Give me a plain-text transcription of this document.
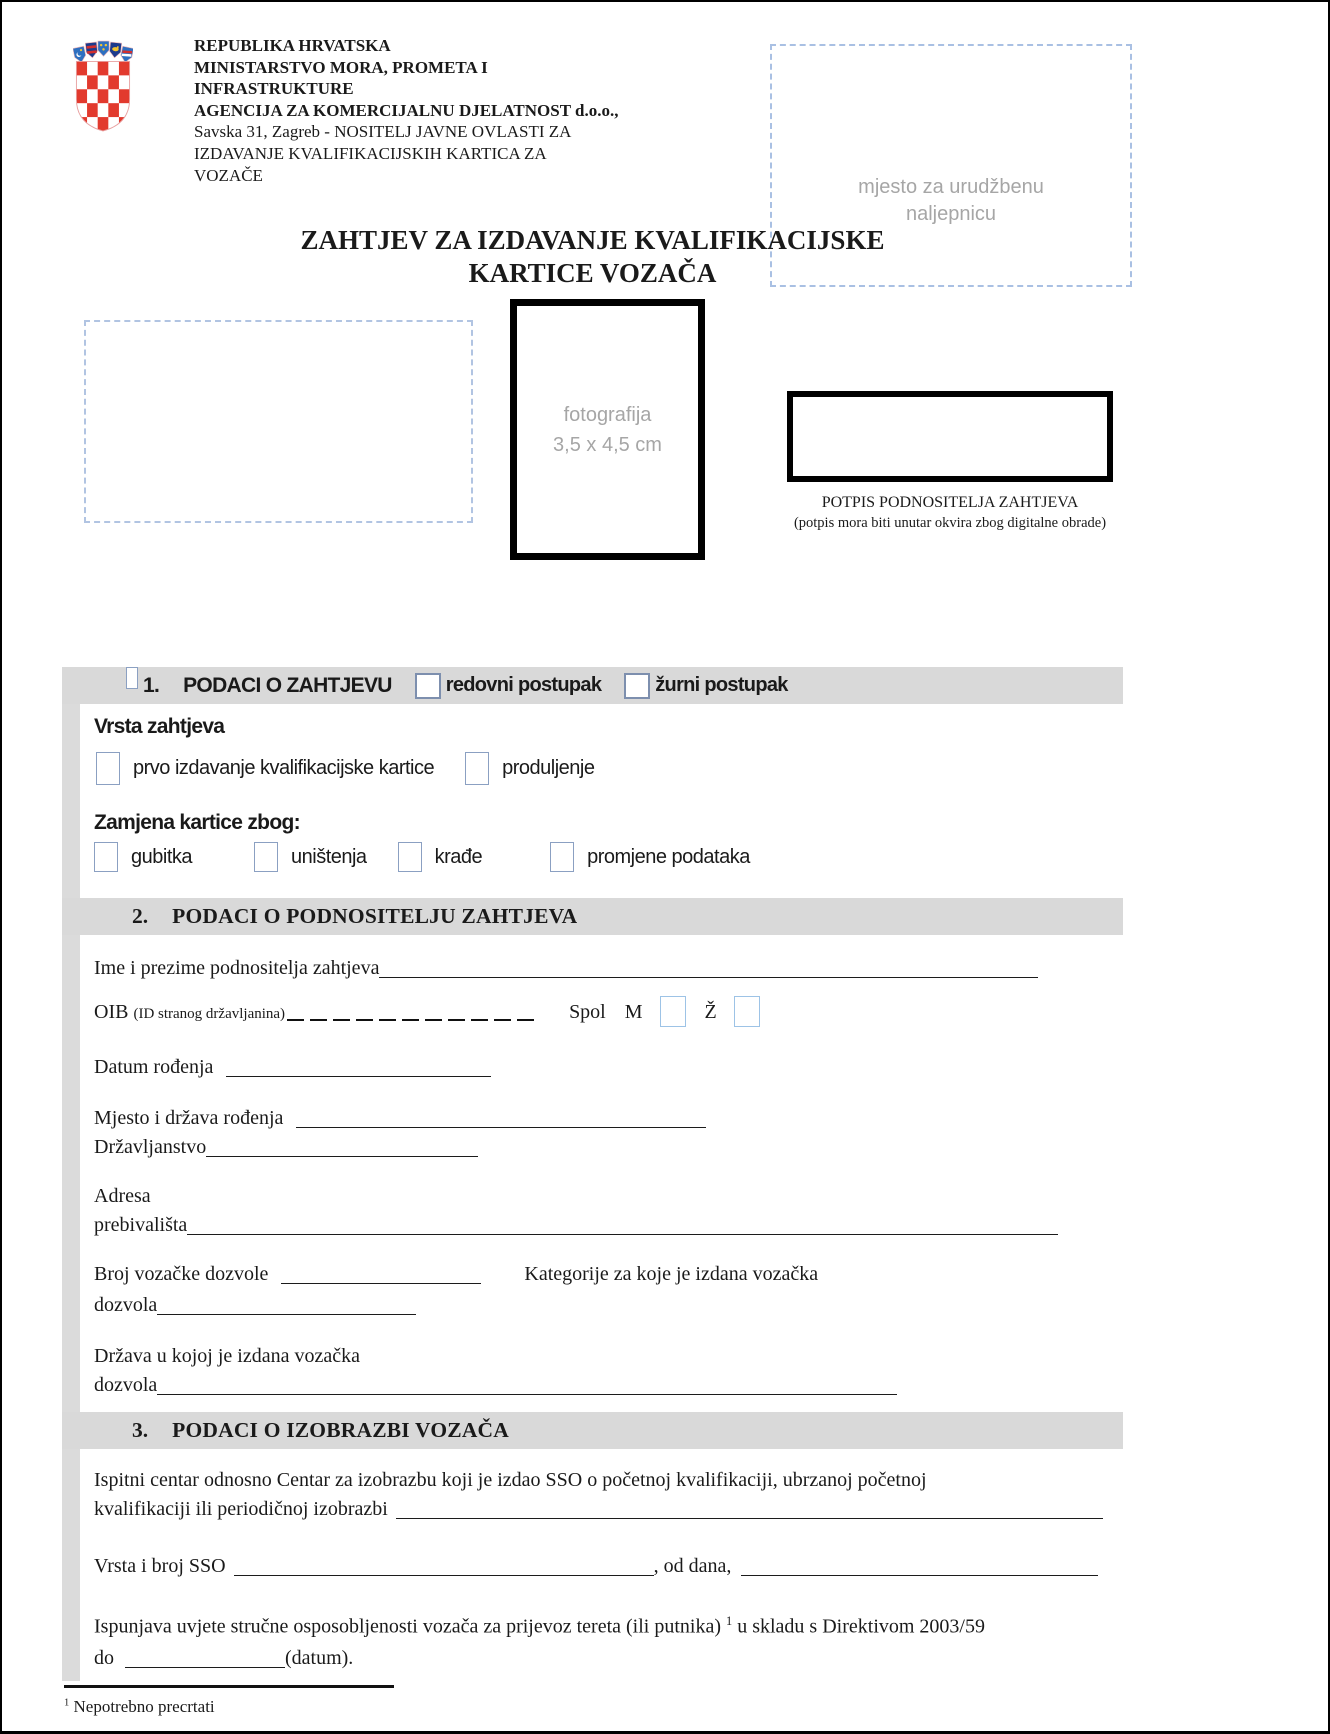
REPUBLIKA HRVATSKA
MINISTARSTVO MORA, PROMETA I
INFRASTRUKTURE
AGENCIJA ZA KOMERCIJALNU DJELATNOST d.o.o.,
Savska 31, Zagreb - NOSITELJ JAVNE OVLASTI ZA
IZDAVANJE KVALIFIKACIJSKIH KARTICA ZA
VOZAČE
mjesto za urudžbenu naljepnicu
ZAHTJEV ZA IZDAVANJE KVALIFIKACIJSKE
KARTICE VOZAČA
fotografija
3,5 x 4,5 cm
POTPIS PODNOSITELJA ZAHTJEVA
(potpis mora biti unutar okvira zbog digitalne obrade)
1. PODACI O ZAHTJEVU	redovni postupak	žurni postupak
Vrsta zahtjeva
prvo izdavanje kvalifikacijske kartice	produljenje
Zamjena kartice zbog:
gubitka	uništenja	krađe	promjene podataka
2. PODACI O PODNOSITELJU ZAHTJEVA
Ime i prezime podnositelja zahtjeva
OIB (ID stranog državljanina)	Spol M	Ž
Datum rođenja
Mjesto i država rođenja
Državljanstvo
Adresa
prebivališta
Broj vozačke dozvole	Kategorije za koje je izdana vozačka
dozvola
Država u kojoj je izdana vozačka
dozvola
3. PODACI O IZOBRAZBI VOZAČA
Ispitni centar odnosno Centar za izobrazbu koji je izdao SSO o početnoj kvalifikaciji, ubrzanoj početnoj
kvalifikaciji ili periodičnoj izobrazbi
Vrsta i broj SSO	, od dana,
Ispunjava uvjete stručne osposobljenosti vozača za prijevoz tereta (ili putnika) $^1$ u skladu s Direktivom 2003/59
do	(datum).
$^1$ Nepotrebno precrtati
